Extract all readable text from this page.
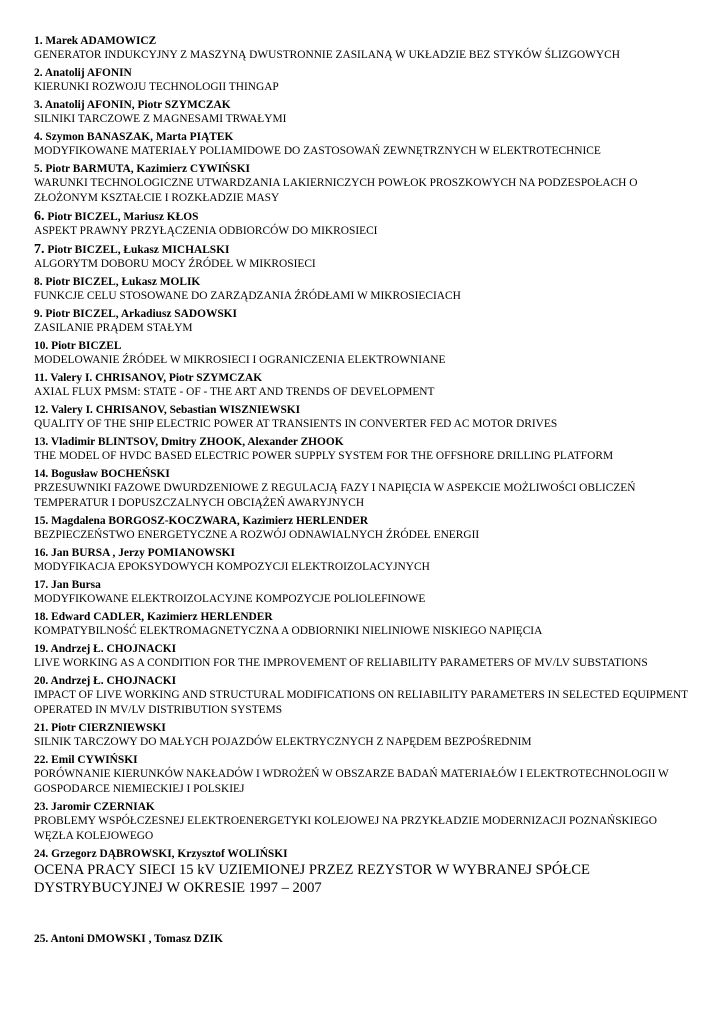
1. Marek ADAMOWICZ
GENERATOR INDUKCYJNY Z MASZYNĄ DWUSTRONNIE ZASILANĄ W UKŁADZIE BEZ STYKÓW ŚLIZGOWYCH
2. Anatolij AFONIN
KIERUNKI ROZWOJU TECHNOLOGII THINGAP
3. Anatolij AFONIN, Piotr SZYMCZAK
SILNIKI TARCZOWE Z MAGNESAMI TRWAŁYMI
4. Szymon BANASZAK, Marta PIĄTEK
MODYFIKOWANE MATERIAŁY POLIAMIDOWE DO ZASTOSOWAŃ ZEWNĘTRZNYCH W ELEKTROTECHNICE
5. Piotr BARMUTA, Kazimierz CYWIŃSKI
WARUNKI TECHNOLOGICZNE UTWARDZANIA LAKIERNICZYCH POWŁOK PROSZKOWYCH NA PODZESPOŁACH O ZŁOŻONYM KSZTAŁCIE I ROZKŁADZIE MASY
6. Piotr BICZEL, Mariusz KŁOS
ASPEKT PRAWNY PRZYŁĄCZENIA ODBIORCÓW DO MIKROSIECI
7. Piotr BICZEL, Łukasz MICHALSKI
ALGORYTM DOBORU MOCY ŹRÓDEŁ W MIKROSIECI
8. Piotr BICZEL, Łukasz MOLIK
FUNKCJE CELU STOSOWANE DO ZARZĄDZANIA ŹRÓDŁAMI W MIKROSIECIACH
9. Piotr BICZEL, Arkadiusz SADOWSKI
ZASILANIE PRĄDEM STAŁYM
10. Piotr BICZEL
MODELOWANIE ŹRÓDEŁ W MIKROSIECI I OGRANICZENIA ELEKTROWNIANE
11. Valery I. CHRISANOV, Piotr SZYMCZAK
AXIAL FLUX PMSM: STATE - OF - THE ART AND TRENDS OF DEVELOPMENT
12. Valery I. CHRISANOV, Sebastian WISZNIEWSKI
QUALITY OF THE SHIP ELECTRIC POWER AT TRANSIENTS IN CONVERTER FED AC MOTOR DRIVES
13. Vladimir BLINTSOV, Dmitry ZHOOK, Alexander ZHOOK
THE MODEL OF HVDC BASED ELECTRIC POWER SUPPLY SYSTEM FOR THE OFFSHORE DRILLING PLATFORM
14. Bogusław BOCHEŃSKI
PRZESUWNIKI FAZOWE DWURDZENIOWE Z REGULACJĄ FAZY I NAPIĘCIA W ASPEKCIE MOŻLIWOŚCI OBLICZEŃ TEMPERATUR I DOPUSZCZALNYCH OBCIĄŻEŃ AWARYJNYCH
15. Magdalena BORGOSZ-KOCZWARA, Kazimierz HERLENDER
BEZPIECZEŃSTWO ENERGETYCZNE A ROZWÓJ ODNAWIALNYCH ŹRÓDEŁ ENERGII
16. Jan BURSA , Jerzy POMIANOWSKI
MODYFIKACJA EPOKSYDOWYCH KOMPOZYCJI ELEKTROIZOLACYJNYCH
17. Jan Bursa
MODYFIKOWANE ELEKTROIZOLACYJNE KOMPOZYCJE POLIOLEFINOWE
18. Edward CADLER, Kazimierz HERLENDER
KOMPATYBILNOŚĆ ELEKTROMAGNETYCZNA A ODBIORNIKI NIELINIOWE NISKIEGO NAPIĘCIA
19. Andrzej Ł. CHOJNACKI
LIVE WORKING AS A CONDITION FOR THE IMPROVEMENT OF RELIABILITY PARAMETERS OF MV/LV SUBSTATIONS
20. Andrzej Ł. CHOJNACKI
IMPACT OF LIVE WORKING AND STRUCTURAL MODIFICATIONS ON RELIABILITY PARAMETERS IN SELECTED EQUIPMENT OPERATED IN MV/LV DISTRIBUTION SYSTEMS
21. Piotr CIERZNIEWSKI
SILNIK TARCZOWY DO MAŁYCH POJAZDÓW ELEKTRYCZNYCH Z NAPĘDEM BEZPOŚREDNIM
22. Emil CYWIŃSKI
PORÓWNANIE KIERUNKÓW NAKŁADÓW I WDROŻEŃ W OBSZARZE BADAŃ MATERIAŁÓW I ELEKTROTECHNOLOGII W GOSPODARCE NIEMIECKIEJ I POLSKIEJ
23. Jaromir CZERNIAK
PROBLEMY WSPÓŁCZESNEJ ELEKTROENERGETYKI KOLEJOWEJ NA PRZYKŁADZIE MODERNIZACJI POZNAŃSKIEGO WĘZŁA KOLEJOWEGO
24. Grzegorz DĄBROWSKI, Krzysztof WOLIŃSKI
OCENA PRACY SIECI 15 kV UZIEMIONEJ PRZEZ REZYSTOR W WYBRANEJ SPÓŁCE DYSTRYBUCYJNEJ W OKRESIE 1997 – 2007
25. Antoni DMOWSKI , Tomasz DZIK
